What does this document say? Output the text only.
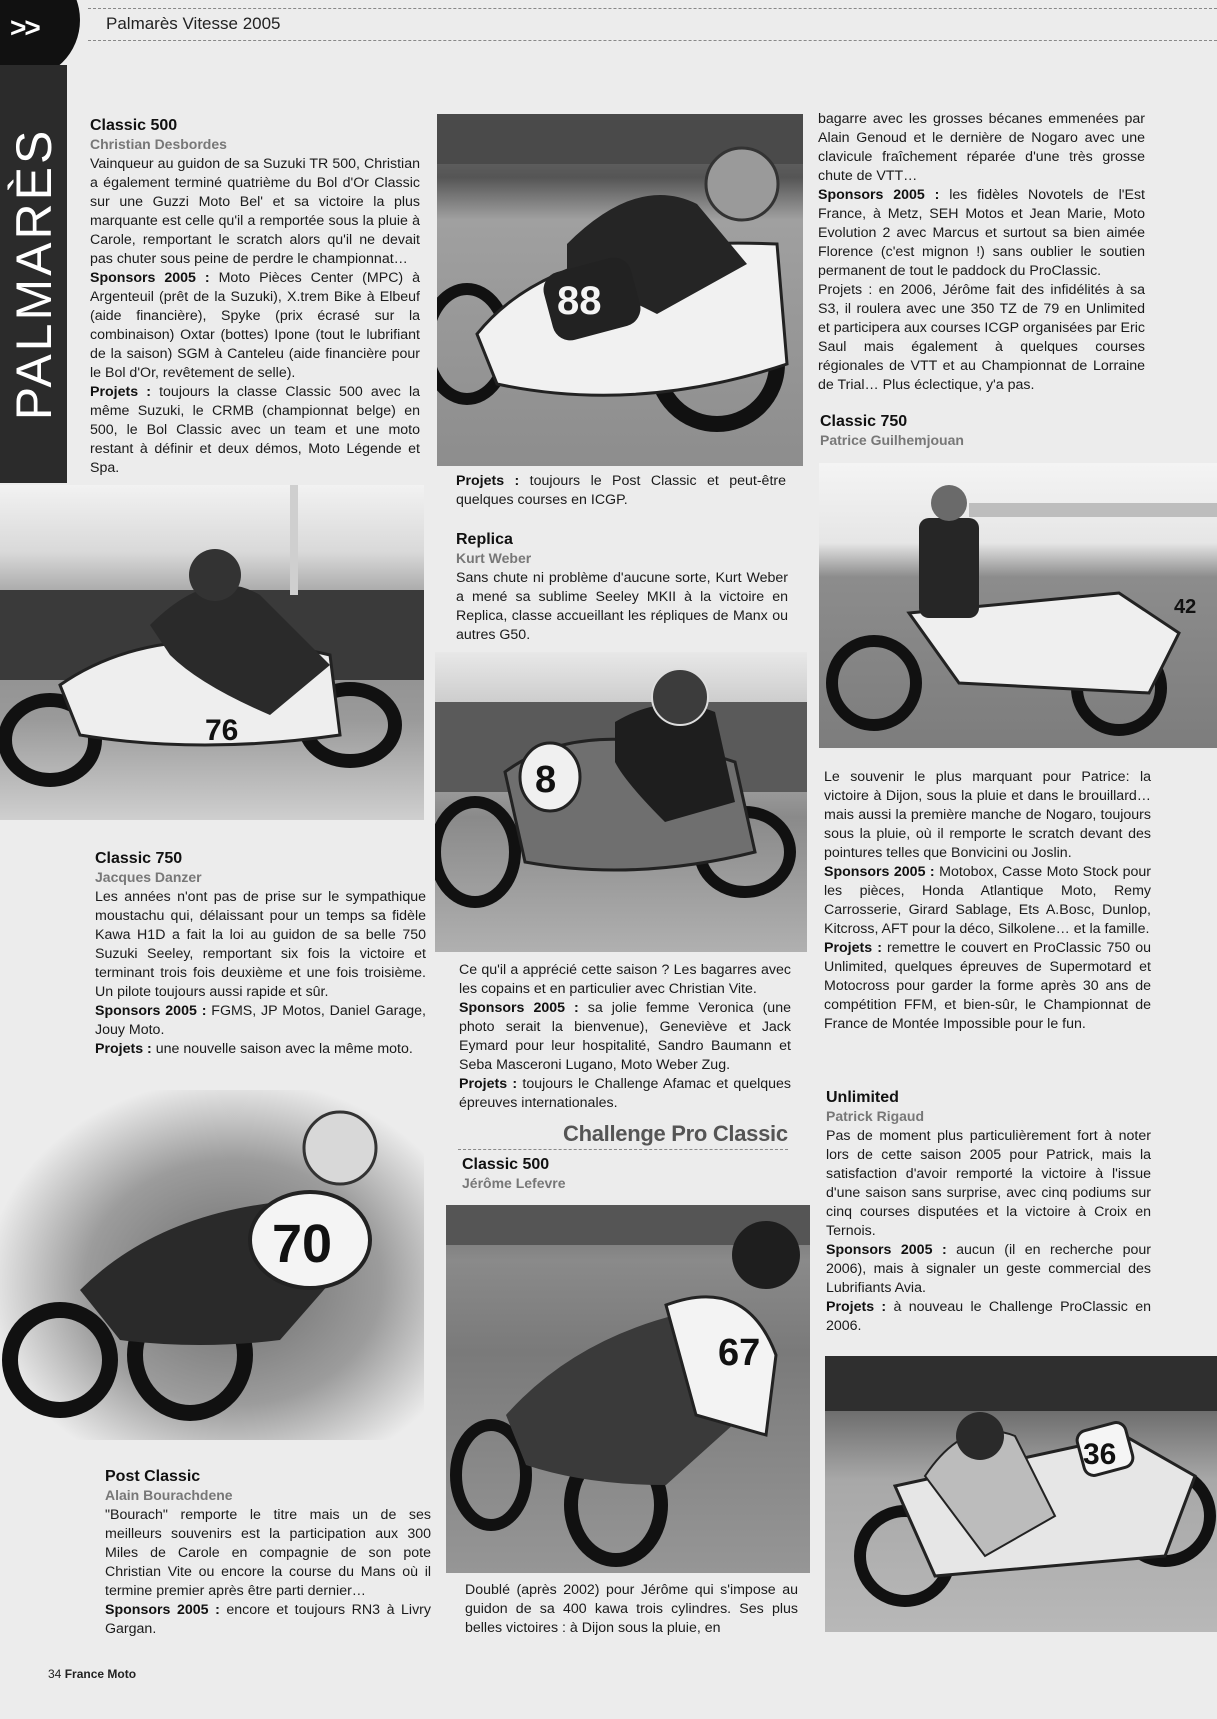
>>	Palmarès Vitesse 2005
PALMARÈS
Classic 500
Christian Desbordes

Vainqueur au guidon de sa Suzuki TR 500, Christian a également terminé quatrième du Bol d'Or Classic sur une Guzzi Moto Bel' et sa victoire la plus marquante est celle qu'il a remportée sous la pluie à Carole, remportant le scratch alors qu'il ne devait pas chuter sous peine de perdre le championnat…

Sponsors 2005 : Moto Pièces Center (MPC) à Argenteuil (prêt de la Suzuki), X.trem Bike à Elbeuf (aide financière), Spyke (prix écrasé sur la combinaison) Oxtar (bottes) Ipone (tout le lubrifiant de la saison) SGM à Canteleu (aide financière pour le Bol d'Or, revêtement de selle).

Projets : toujours la classe Classic 500 avec la même Suzuki, le CRMB (championnat belge) en 500, le Bol Classic avec un team et une moto restant à définir et deux démos, Moto Légende et Spa.

76
Classic 750
Jacques Danzer

Les années n'ont pas de prise sur le sympathique moustachu qui, délaissant pour un temps sa fidèle Kawa H1D a fait la loi au guidon de sa belle 750 Suzuki Seeley, remportant six fois la victoire et terminant trois fois deuxième et une fois troisième. Un pilote toujours aussi rapide et sûr.

Sponsors 2005 : FGMS, JP Motos, Daniel Garage, Jouy Moto.

Projets : une nouvelle saison avec la même moto.

70
Post Classic
Alain Bourachdene

"Bourach" remporte le titre mais un de ses meilleurs souvenirs est la participation aux 300 Miles de Carole en compagnie de son pote Christian Vite ou encore la course du Mans où il termine premier après être parti dernier…

Sponsors 2005 : encore et toujours RN3 à Livry Gargan.

88

Projets : toujours le Post Classic et peut-être quelques courses en ICGP.

Replica
Kurt Weber

Sans chute ni problème d'aucune sorte, Kurt Weber a mené sa sublime Seeley MKII à la victoire en Replica, classe accueillant les répliques de Manx ou autres G50.

8

Ce qu'il a apprécié cette saison ? Les bagarres avec les copains et en particulier avec Christian Vite.

Sponsors 2005 : sa jolie femme Veronica (une photo serait la bienvenue), Geneviève et Jack Eymard pour leur hospitalité, Sandro Baumann et Seba Masceroni Lugano, Moto Weber Zug.

Projets : toujours le Challenge Afamac et quelques épreuves internationales.

Challenge Pro Classic
Classic 500
Jérôme Lefevre
67

Doublé (après 2002) pour Jérôme qui s'impose au guidon de sa 400 kawa trois cylindres. Ses plus belles victoires : à Dijon sous la pluie, en

bagarre avec les grosses bécanes emmenées par Alain Genoud et le dernière de Nogaro avec une clavicule fraîchement réparée d'une très grosse chute de VTT…

Sponsors 2005 : les fidèles Novotels de l'Est France, à Metz, SEH Motos et Jean Marie, Moto Evolution 2 avec Marcus et surtout sa bien aimée Florence (c'est mignon !) sans oublier le soutien permanent de tout le paddock du ProClassic.

Projets : en 2006, Jérôme fait des infidélités à sa S3, il roulera avec une 350 TZ de 79 en Unlimited et participera aux courses ICGP organisées par Eric Saul mais également à quelques courses régionales de VTT et au Championnat de Lorraine de Trial… Plus éclectique, y'a pas.

Classic 750
Patrice Guilhemjouan
42

Le souvenir le plus marquant pour Patrice: la victoire à Dijon, sous la pluie et dans le brouillard…mais aussi la première manche de Nogaro, toujours sous la pluie, où il remporte le scratch devant des pointures telles que Bonvicini ou Joslin.

Sponsors 2005 : Motobox, Casse Moto Stock pour les pièces, Honda Atlantique Moto, Remy Carrosserie, Girard Sablage, Ets A.Bosc, Dunlop, Kitcross, AFT pour la déco, Silkolene… et la famille.

Projets : remettre le couvert en ProClassic 750 ou Unlimited, quelques épreuves de Supermotard et Motocross pour garder la forme après 30 ans de compétition FFM, et bien-sûr, le Championnat de France de Montée Impossible pour le fun.

Unlimited
Patrick Rigaud

Pas de moment plus particulièrement fort à noter lors de cette saison 2005 pour Patrick, mais la satisfaction d'avoir remporté la victoire à l'issue d'une saison sans surprise, avec cinq podiums sur cinq courses disputées et la victoire à Croix en Ternois.

Sponsors 2005 : aucun (il en recherche pour 2006), mais à signaler un geste commercial des Lubrifiants Avia.

Projets : à nouveau le Challenge ProClassic en 2006.

36
34 France Moto
